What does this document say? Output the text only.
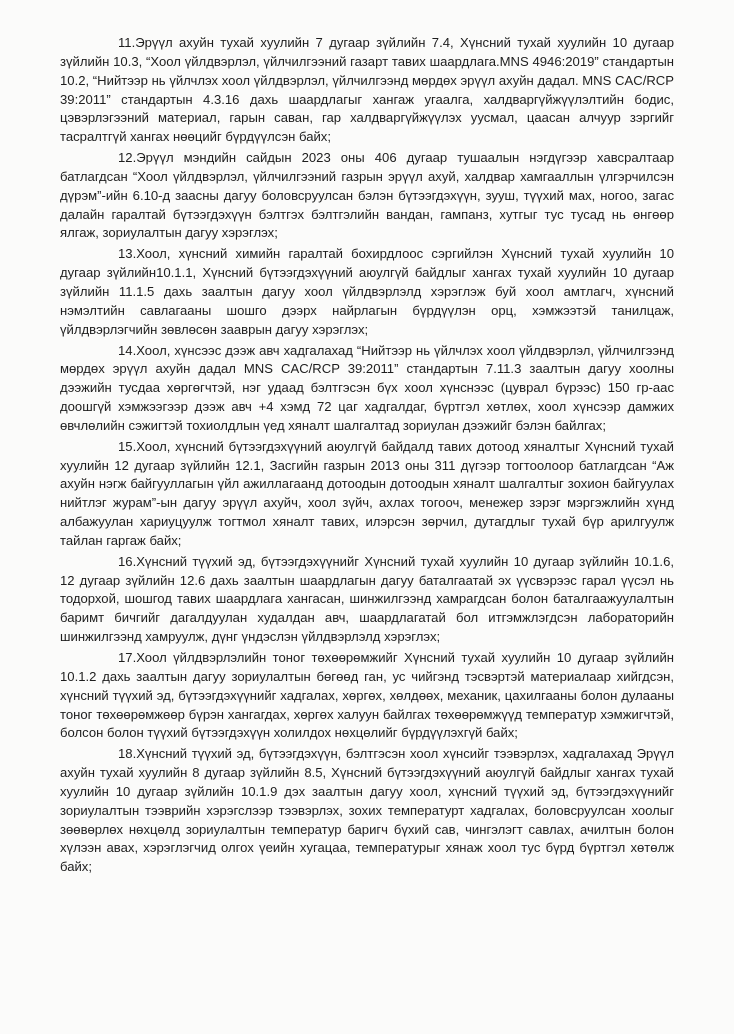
11.Эрүүл ахуйн тухай хуулийн 7 дугаар зүйлийн 7.4, Хүнсний тухай хуулийн 10 дугаар зүйлийн 10.3, “Хоол үйлдвэрлэл, үйлчилгээний газарт тавих шаардлага.MNS 4946:2019” стандартын 10.2, “Нийтээр нь үйлчлэх хоол үйлдвэрлэл, үйлчилгээнд мөрдөх эрүүл ахуйн дадал. MNS CAC/RCP 39:2011” стандартын 4.3.16 дахь шаардлагыг хангаж угаалга, халдваргүйжүүлэлтийн бодис, цэвэрлэгээний материал, гарын саван, гар халдваргүйжүүлэх уусмал, цаасан алчуур зэргийг тасралтгүй хангах нөөцийг бүрдүүлсэн байх;

12.Эрүүл мэндийн сайдын 2023 оны 406 дугаар тушаалын нэгдүгээр хавсралтаар батлагдсан “Хоол үйлдвэрлэл, үйлчилгээний газрын эрүүл ахуй, халдвар хамгааллын үлгэрчилсэн дүрэм”-ийн 6.10-д заасны дагуу боловсруулсан бэлэн бүтээгдэхүүн, зууш, түүхий мах, ногоо, загас далайн гаралтай бүтээгдэхүүн бэлтгэх бэлтгэлийн вандан, гампанз, хутгыг тус тусад нь өнгөөр ялгаж, зориулалтын дагуу хэрэглэх;

13.Хоол, хүнсний химийн гаралтай бохирдлоос сэргийлэн Хүнсний тухай хуулийн 10 дугаар зүйлийн10.1.1, Хүнсний бүтээгдэхүүний аюулгүй байдлыг хангах тухай хуулийн 10 дугаар зүйлийн 11.1.5 дахь заалтын дагуу хоол үйлдвэрлэлд хэрэглэж буй хоол амтлагч, хүнсний нэмэлтийн савлагааны шошго дээрх найрлагын бүрдүүлэн орц, хэмжээтэй танилцаж, үйлдвэрлэгчийн зөвлөсөн зааврын дагуу хэрэглэх;

14.Хоол, хүнсээс дээж авч хадгалахад “Нийтээр нь үйлчлэх хоол үйлдвэрлэл, үйлчилгээнд мөрдөх эрүүл ахуйн дадал MNS CAC/RCP 39:2011” стандартын 7.11.3 заалтын дагуу хоолны дээжийн тусдаа хөргөгчтэй, нэг удаад бэлтгэсэн бүх хоол хүнснээс (цуврал бүрээс) 150 гр-аас доошгүй хэмжээгээр дээж авч +4 хэмд 72 цаг хадгалдаг, бүртгэл хөтлөх, хоол хүнсээр дамжих өвчлөлийн сэжигтэй тохиолдлын үед хяналт шалгалтад зориулан дээжийг бэлэн байлгах;

15.Хоол, хүнсний бүтээгдэхүүний аюулгүй байдалд тавих дотоод хяналтыг Хүнсний тухай хуулийн 12 дугаар зүйлийн 12.1, Засгийн газрын 2013 оны 311 дүгээр тогтоолоор батлагдсан “Аж ахуйн нэгж байгууллагын үйл ажиллагаанд дотоодын дотоодын хяналт шалгалтыг зохион байгуулах нийтлэг журам”-ын дагуу эрүүл ахуйч, хоол зүйч, ахлах тогооч, менежер зэрэг мэргэжлийн хүнд албажуулан хариуцуулж тогтмол хяналт тавих, илэрсэн зөрчил, дутагдлыг тухай бүр арилгуулж тайлан гаргаж байх;

16.Хүнсний түүхий эд, бүтээгдэхүүнийг Хүнсний тухай хуулийн 10 дугаар зүйлийн 10.1.6, 12 дугаар зүйлийн 12.6 дахь заалтын шаардлагын дагуу баталгаатай эх үүсвэрээс гарал үүсэл нь тодорхой, шошгод тавих шаардлага хангасан, шинжилгээнд хамрагдсан болон баталгаажуулалтын баримт бичгийг дагалдуулан худалдан авч, шаардлагатай бол итгэмжлэгдсэн лабораторийн шинжилгээнд хамруулж, дүнг үндэслэн үйлдвэрлэлд хэрэглэх;

17.Хоол үйлдвэрлэлийн тоног төхөөрөмжийг Хүнсний тухай хуулийн 10 дугаар зүйлийн 10.1.2 дахь заалтын дагуу зориулалтын бөгөөд ган, ус чийгэнд тэсвэртэй материалаар хийгдсэн, хүнсний түүхий эд, бүтээгдэхүүнийг хадгалах, хөргөх, хөлдөөх, механик, цахилгааны болон дулааны тоног төхөөрөмжөөр бүрэн хангагдах, хөргөх халуун байлгах төхөөрөмжүүд температур хэмжигчтэй, болсон болон түүхий бүтээгдэхүүн холилдох нөхцөлийг бүрдүүлэхгүй байх;

18.Хүнсний түүхий эд, бүтээгдэхүүн, бэлтгэсэн хоол хүнсийг тээвэрлэх, хадгалахад Эрүүл ахуйн тухай хуулийн 8 дугаар зүйлийн 8.5, Хүнсний бүтээгдэхүүний аюулгүй байдлыг хангах тухай хуулийн 10 дугаар зүйлийн 10.1.9 дэх заалтын дагуу хоол, хүнсний түүхий эд, бүтээгдэхүүнийг зориулалтын тээврийн хэрэгслээр тээвэрлэх, зохих температурт хадгалах, боловсруулсан хоолыг зөөвөрлөх нөхцөлд зориулалтын температур баригч бүхий сав, чингэлэгт савлах, ачилтын болон хүлээн авах, хэрэглэгчид олгох үеийн хугацаа, температурыг хянаж хоол тус бүрд бүртгэл хөтөлж байх;
